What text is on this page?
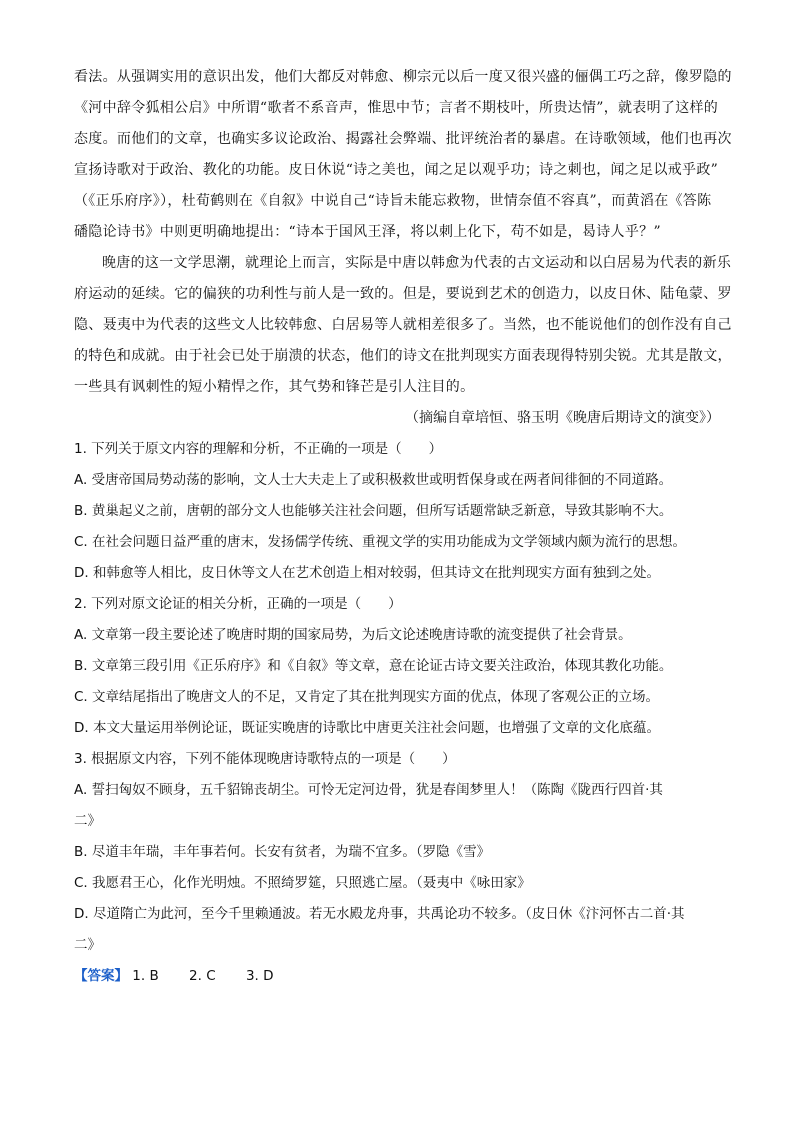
看法。从强调实用的意识出发，他们大都反对韩愈、柳宗元以后一度又很兴盛的俪偶工巧之辞，像罗隐的
《河中辞令狐相公启》中所谓“歌者不系音声，惟思中节；言者不期枝叶，所贵达情”，就表明了这样的
态度。而他们的文章，也确实多议论政治、揭露社会弊端、批评统治者的暴虐。在诗歌领域，他们也再次
宣扬诗歌对于政治、教化的功能。皮日休说“诗之美也，闻之足以观乎功；诗之刺也，闻之足以戒乎政”
（《正乐府序》），杜荀鹤则在《自叙》中说自己“诗旨未能忘救物，世情奈值不容真”，而黄滔在《答陈
磻隐论诗书》中则更明确地提出：“诗本于国风王泽，将以刺上化下，苟不如是，曷诗人乎？”
晚唐的这一文学思潮，就理论上而言，实际是中唐以韩愈为代表的古文运动和以白居易为代表的新乐
府运动的延续。它的偏狭的功利性与前人是一致的。但是，要说到艺术的创造力，以皮日休、陆龟蒙、罗
隐、聂夷中为代表的这些文人比较韩愈、白居易等人就相差很多了。当然，也不能说他们的创作没有自己
的特色和成就。由于社会已处于崩溃的状态，他们的诗文在批判现实方面表现得特别尖锐。尤其是散文，
一些具有讽刺性的短小精悍之作，其气势和锋芒是引人注目的。
（摘编自章培恒、骆玉明《晚唐后期诗文的演变》）
1. 下列关于原文内容的理解和分析，不正确的一项是（　　）
A. 受唐帝国局势动荡的影响，文人士大夫走上了或积极救世或明哲保身或在两者间徘徊的不同道路。
B. 黄巢起义之前，唐朝的部分文人也能够关注社会问题，但所写话题常缺乏新意，导致其影响不大。
C. 在社会问题日益严重的唐末，发扬儒学传统、重视文学的实用功能成为文学领域内颇为流行的思想。
D. 和韩愈等人相比，皮日休等文人在艺术创造上相对较弱，但其诗文在批判现实方面有独到之处。
2. 下列对原文论证的相关分析，正确的一项是（　　）
A. 文章第一段主要论述了晚唐时期的国家局势，为后文论述晚唐诗歌的流变提供了社会背景。
B. 文章第三段引用《正乐府序》和《自叙》等文章，意在论证古诗文要关注政治，体现其教化功能。
C. 文章结尾指出了晚唐文人的不足，又肯定了其在批判现实方面的优点，体现了客观公正的立场。
D. 本文大量运用举例论证，既证实晚唐的诗歌比中唐更关注社会问题，也增强了文章的文化底蕴。
3. 根据原文内容，下列不能体现晚唐诗歌特点的一项是（　　）
A. 誓扫匈奴不顾身，五千貂锦丧胡尘。可怜无定河边骨，犹是春闺梦里人！（陈陶《陇西行四首·其
二》
B. 尽道丰年瑞，丰年事若何。长安有贫者，为瑞不宜多。（罗隐《雪》
C. 我愿君王心，化作光明烛。不照绮罗筵，只照逃亡屋。（聂夷中《咏田家》
D. 尽道隋亡为此河，至今千里赖通波。若无水殿龙舟事，共禹论功不较多。（皮日休《汴河怀古二首·其
二》
【答案】 1. B 2. C 3. D
